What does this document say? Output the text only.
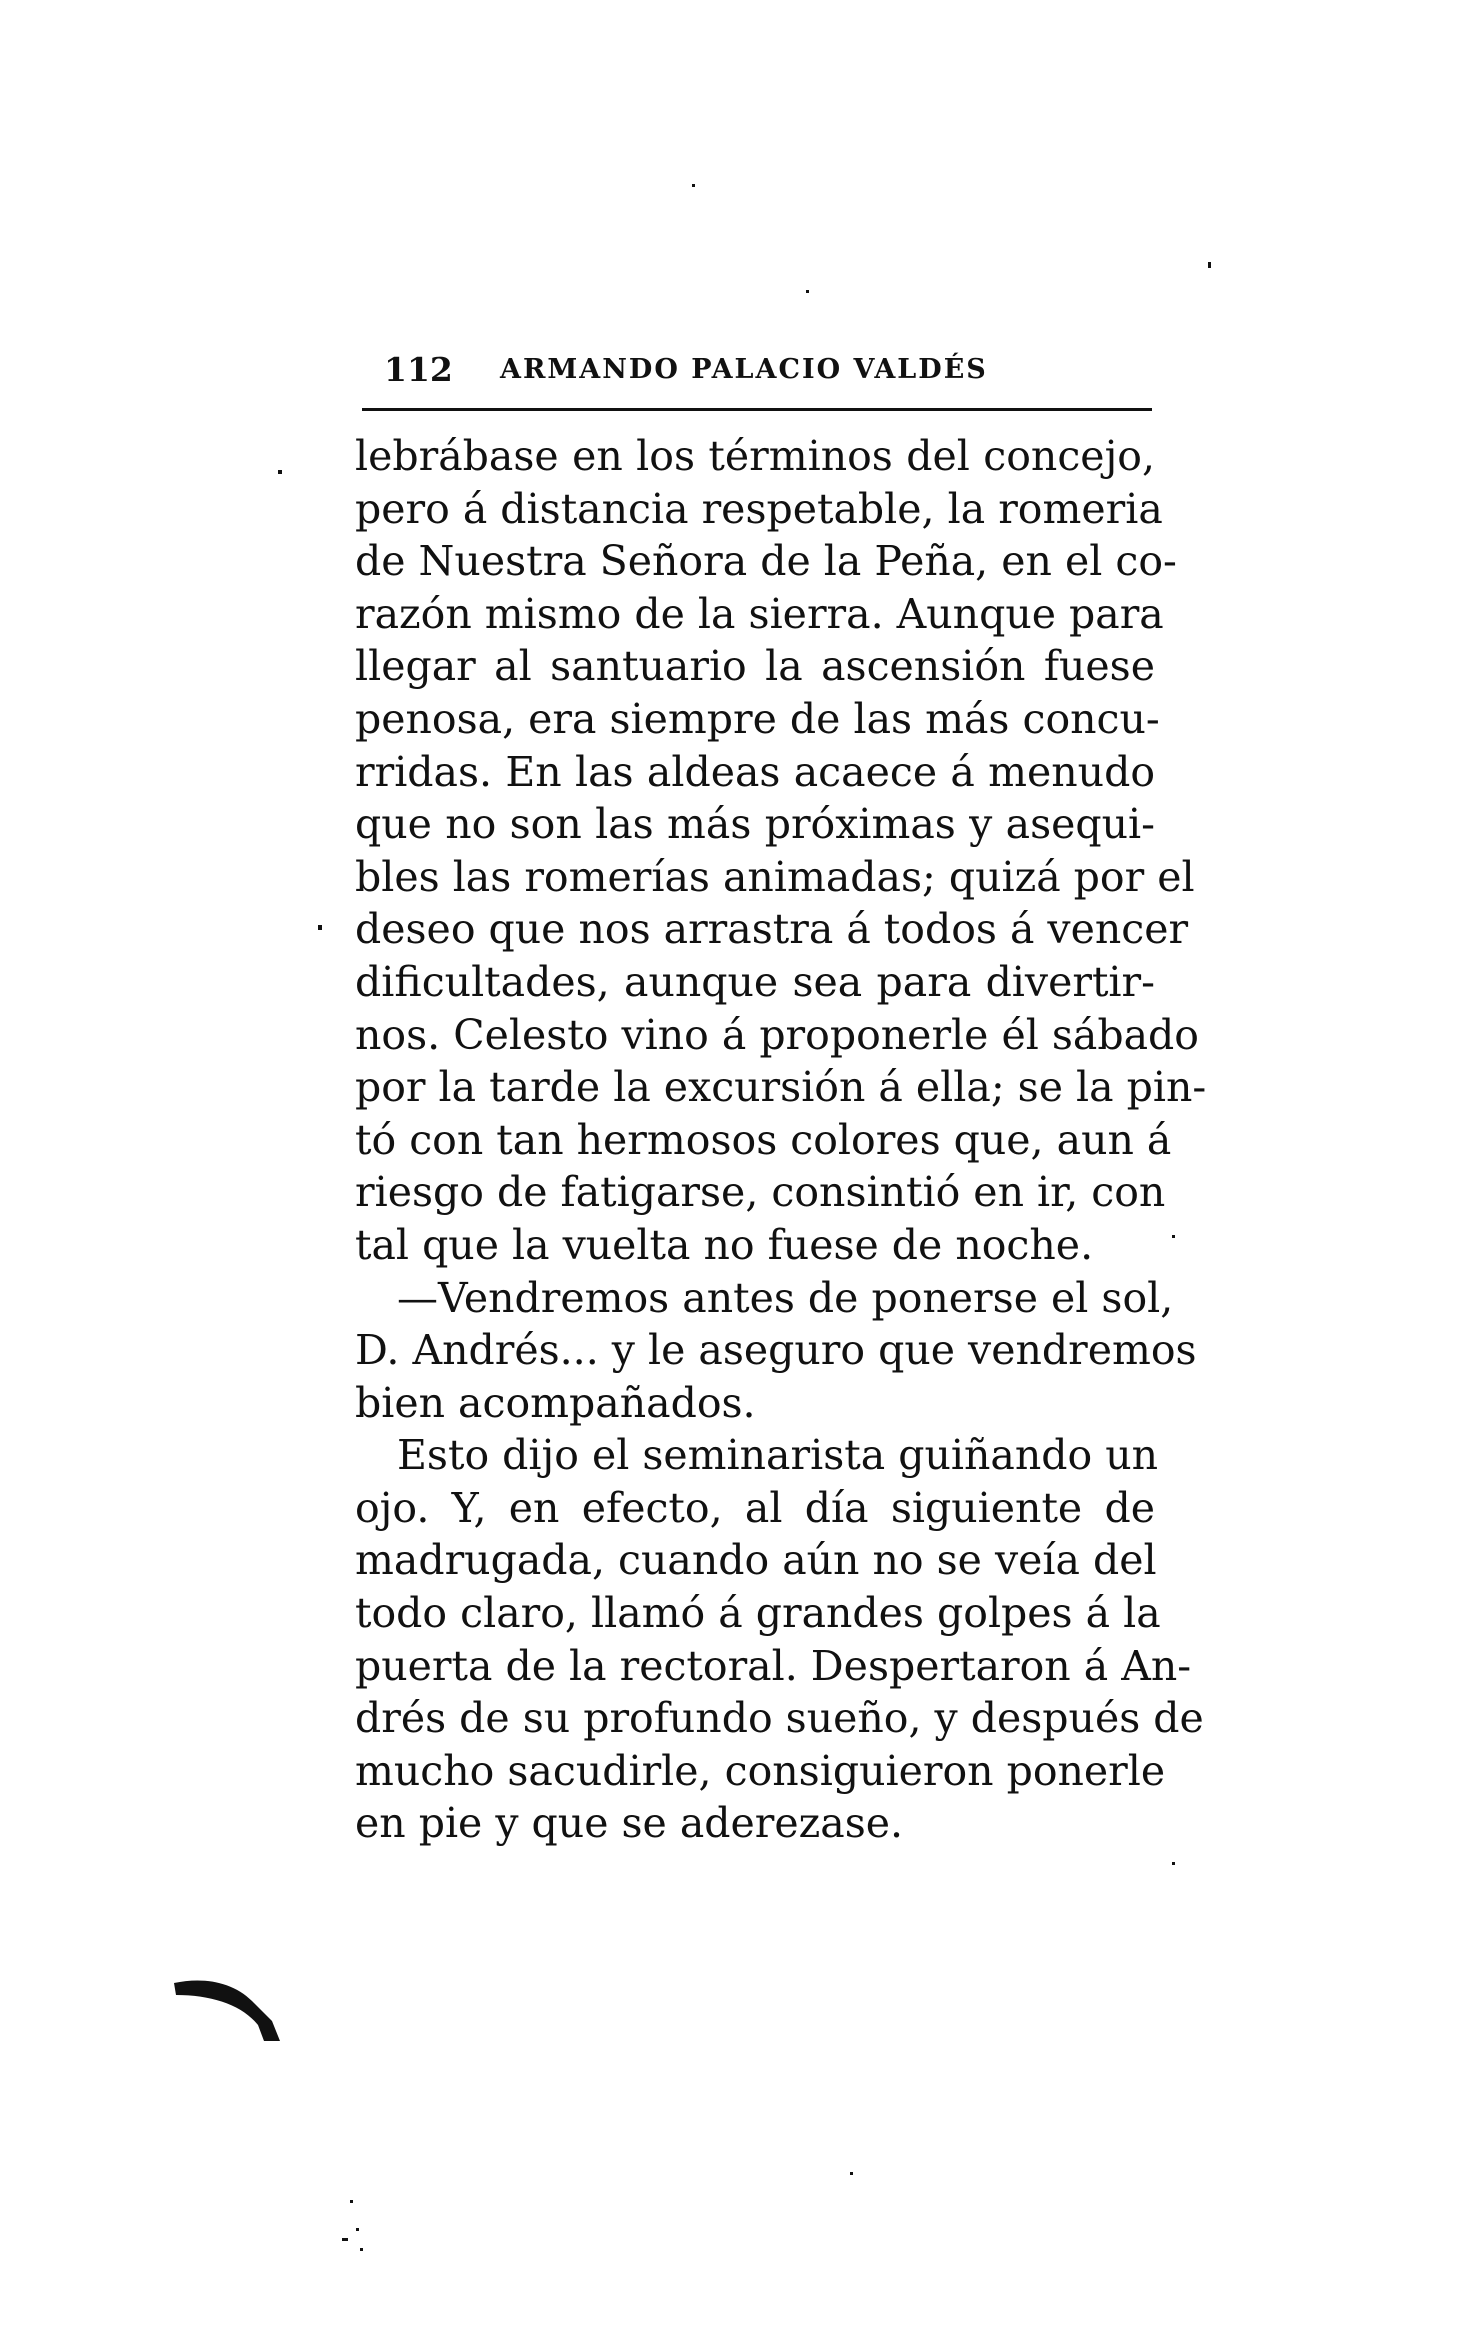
112 ARMANDO PALACIO VALDÉS
lebrábase en los términos del concejo,
pero á distancia respetable, la romeria
de Nuestra Señora de la Peña, en el co-
razón mismo de la sierra. Aunque para
llegar al santuario la ascensión fuese
penosa, era siempre de las más concu-
rridas. En las aldeas acaece á menudo
que no son las más próximas y asequi-
bles las romerías animadas; quizá por el
deseo que nos arrastra á todos á vencer
dificultades, aunque sea para divertir-
nos. Celesto vino á proponerle él sábado
por la tarde la excursión á ella; se la pin-
tó con tan hermosos colores que, aun á
riesgo de fatigarse, consintió en ir, con
tal que la vuelta no fuese de noche.
—Vendremos antes de ponerse el sol,
D. Andrés... y le aseguro que vendremos
bien acompañados.
Esto dijo el seminarista guiñando un
ojo. Y, en efecto, al día siguiente de
madrugada, cuando aún no se veía del
todo claro, llamó á grandes golpes á la
puerta de la rectoral. Despertaron á An-
drés de su profundo sueño, y después de
mucho sacudirle, consiguieron ponerle
en pie y que se aderezase.
